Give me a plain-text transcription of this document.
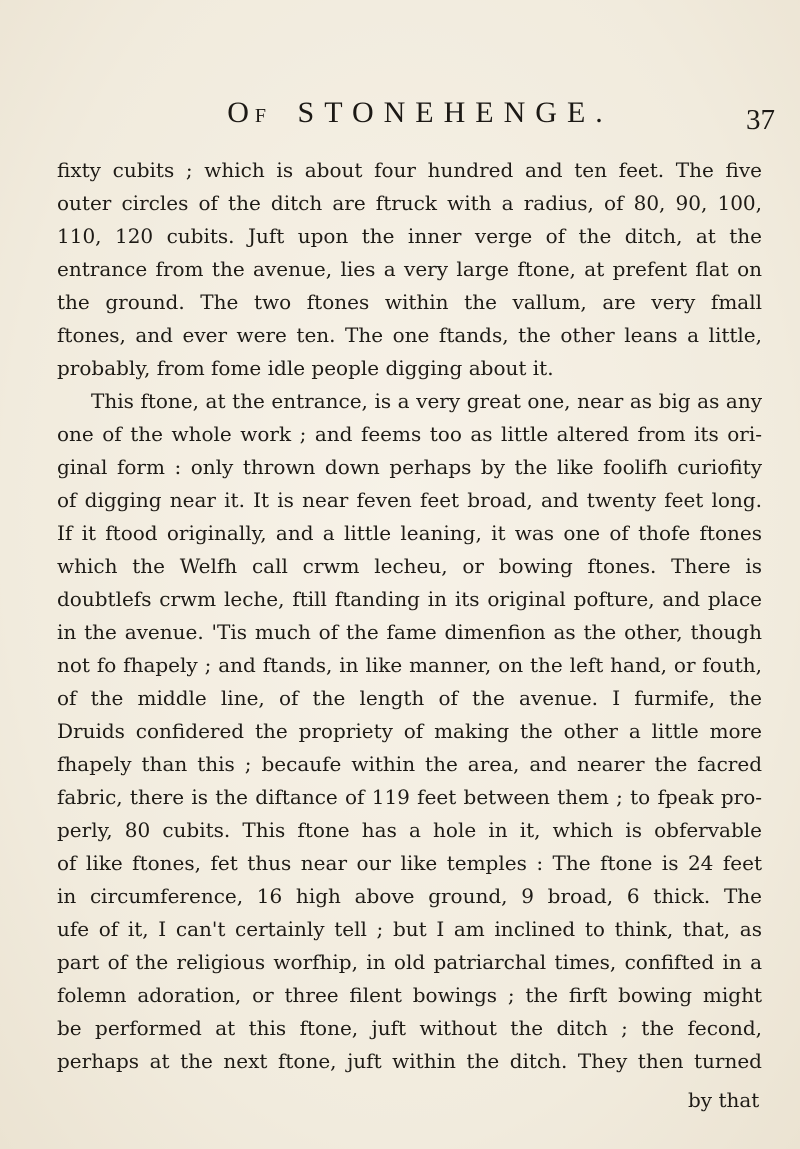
OF STONEHENGE.	37
fixty cubits ; which is about four hundred and ten feet. The five
outer circles of the ditch are ftruck with a radius, of 80, 90, 100,
110, 120 cubits. Juft upon the inner verge of the ditch, at the
entrance from the avenue, lies a very large ftone, at prefent flat on
the ground. The two ftones within the vallum, are very fmall
ftones, and ever were ten. The one ftands, the other leans a little,
probably, from fome idle people digging about it.
This ftone, at the entrance, is a very great one, near as big as any
one of the whole work ; and feems too as little altered from its ori-
ginal form : only thrown down perhaps by the like foolifh curiofity
of digging near it. It is near feven feet broad, and twenty feet long.
If it ftood originally, and a little leaning, it was one of thofe ftones
which the Welfh call crwm lecheu, or bowing ftones. There is
doubtlefs crwm leche, ftill ftanding in its original pofture, and place
in the avenue. 'Tis much of the fame dimenfion as the other, though
not fo fhapely ; and ftands, in like manner, on the left hand, or fouth,
of the middle line, of the length of the avenue. I furmife, the
Druids confidered the propriety of making the other a little more
fhapely than this ; becaufe within the area, and nearer the facred
fabric, there is the diftance of 119 feet between them ; to fpeak pro-
perly, 80 cubits. This ftone has a hole in it, which is obfervable
of like ftones, fet thus near our like temples : The ftone is 24 feet
in circumference, 16 high above ground, 9 broad, 6 thick. The
ufe of it, I can't certainly tell ; but I am inclined to think, that, as
part of the religious worfhip, in old patriarchal times, confifted in a
folemn adoration, or three filent bowings ; the firft bowing might
be performed at this ftone, juft without the ditch ; the fecond,
perhaps at the next ftone, juft within the ditch. They then turned
by that
